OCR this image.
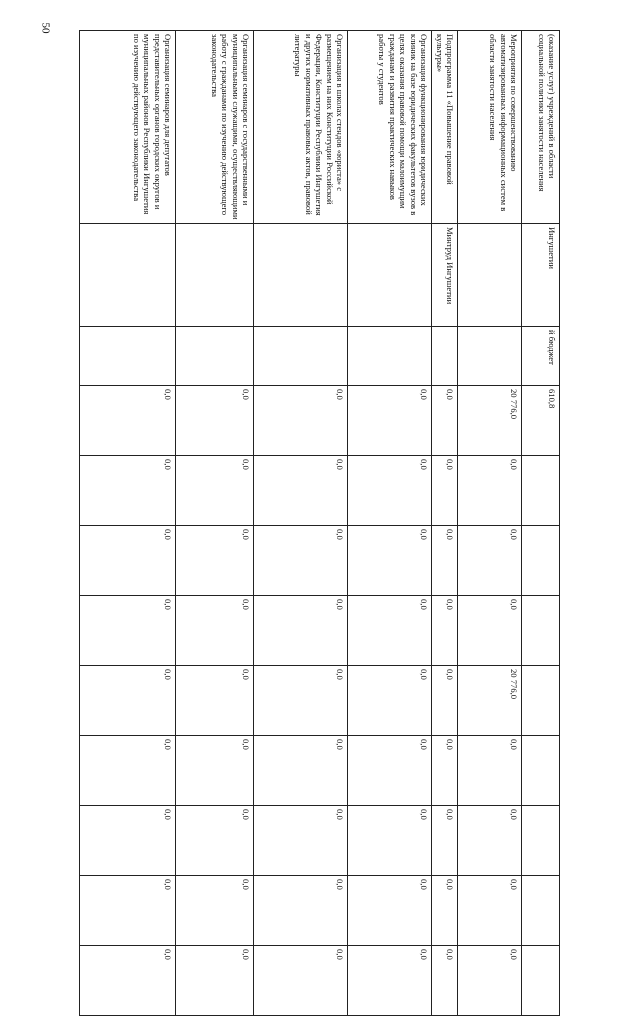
50
(оказание услуг) учреждений в области социальной политики занятости населения	Ингушетии	й бюджет	610,8								
Мероприятия по совершенствованию автоматизированных информационных систем в области занятости населения			20 776,0	0,0	0,0	0,0	20 776,0	0,0	0,0	0,0	0,0
Подпрограмма 11 «Повышение правовой культуры»	Минтруд Ингушетии		0,0	0,0	0,0	0,0	0,0	0,0	0,0	0,0	0,0
Организация функционирования юридических клиник на базе юридических факультетов вузов в целях оказания правовой помощи малоимущим гражданам и развития практических навыков работы у студентов			0,0	0,0	0,0	0,0	0,0	0,0	0,0	0,0	0,0
Организация в школах стендов «юриста» с размещением на них Конституции Российской Федерации, Конституции Республики Ингушетия и других нормативных правовых актов, правовой литературы			0,0	0,0	0,0	0,0	0,0	0,0	0,0	0,0	0,0
Организация семинаров с государственными и муниципальными служащими, осуществляющими работу с гражданами по изучению действующего законодательства			0,0	0,0	0,0	0,0	0,0	0,0	0,0	0,0	0,0
Организация семинаров для депутатов представительных органов городских округов и муниципальных районов Республики Ингушетия по изучению действующего законодательства			0,0	0,0	0,0	0,0	0,0	0,0	0,0	0,0	0,0
